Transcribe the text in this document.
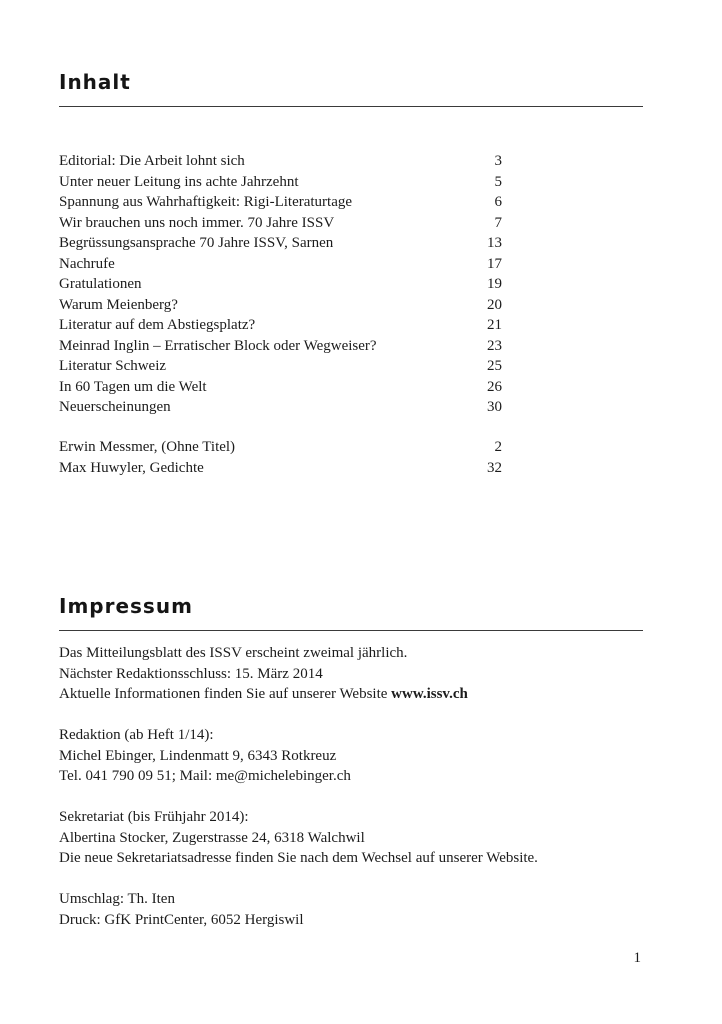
Inhalt
Editorial: Die Arbeit lohnt sich	3
Unter neuer Leitung ins achte Jahrzehnt	5
Spannung aus Wahrhaftigkeit: Rigi-Literaturtage	6
Wir brauchen uns noch immer. 70 Jahre ISSV	7
Begrüssungsansprache 70 Jahre ISSV, Sarnen	13
Nachrufe	17
Gratulationen	19
Warum Meienberg?	20
Literatur auf dem Abstiegsplatz?	21
Meinrad Inglin – Erratischer Block oder Wegweiser?	23
Literatur Schweiz	25
In 60 Tagen um die Welt	26
Neuerscheinungen	30
Erwin Messmer, (Ohne Titel)	2
Max Huwyler, Gedichte	32
Impressum
Das Mitteilungsblatt des ISSV erscheint zweimal jährlich.
Nächster Redaktionsschluss: 15. März 2014
Aktuelle Informationen finden Sie auf unserer Website www.issv.ch
Redaktion (ab Heft 1/14):
Michel Ebinger, Lindenmatt 9, 6343 Rotkreuz
Tel. 041 790 09 51; Mail: me@michelebinger.ch
Sekretariat (bis Frühjahr 2014):
Albertina Stocker, Zugerstrasse 24, 6318 Walchwil
Die neue Sekretariatsadresse finden Sie nach dem Wechsel auf unserer Website.
Umschlag: Th. Iten
Druck: GfK PrintCenter, 6052 Hergiswil
1
